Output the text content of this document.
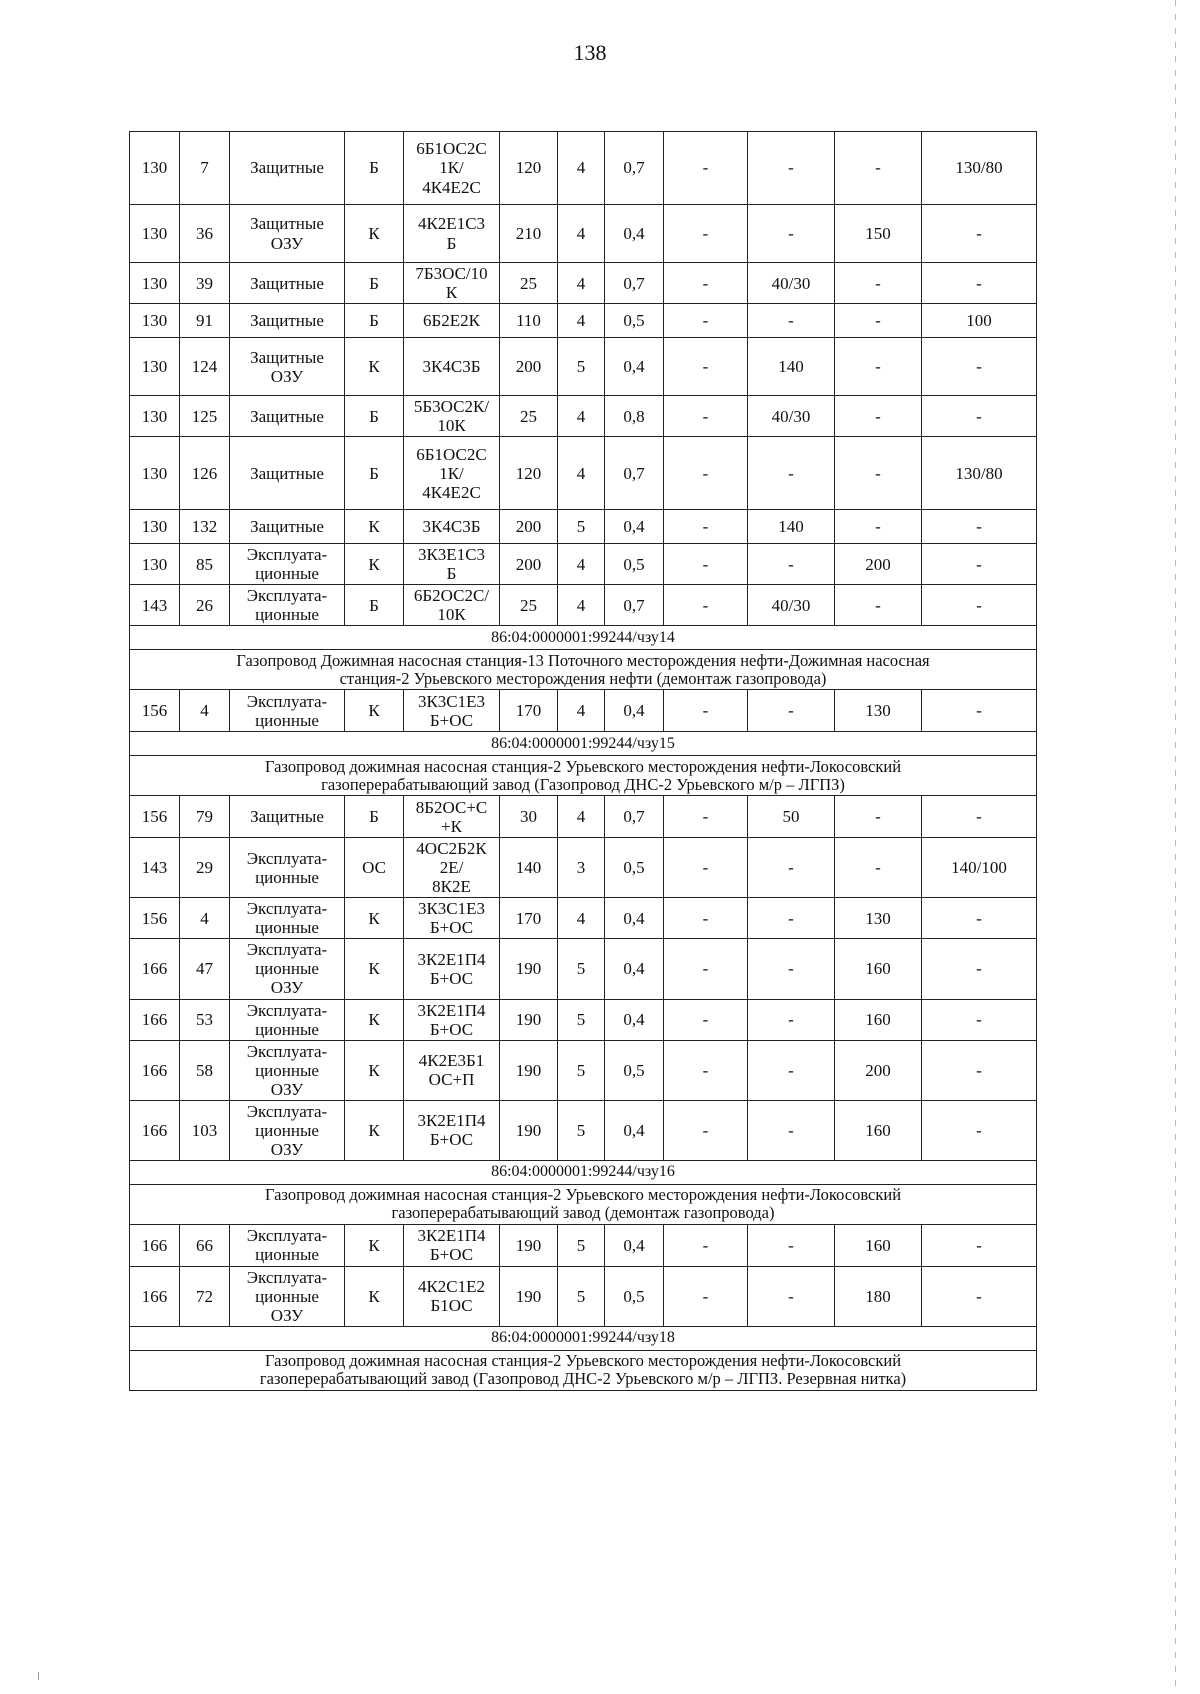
138
130	7	Защитные	Б	6Б1ОС2С
1К/
4К4Е2С	120	4	0,7	-	-	-	130/80
130	36	Защитные
ОЗУ	К	4К2Е1С3
Б	210	4	0,4	-	-	150	-
130	39	Защитные	Б	7Б3ОС/10
К	25	4	0,7	-	40/30	-	-
130	91	Защитные	Б	6Б2Е2К	110	4	0,5	-	-	-	100
130	124	Защитные
ОЗУ	К	3К4С3Б	200	5	0,4	-	140	-	-
130	125	Защитные	Б	5Б3ОС2К/
10К	25	4	0,8	-	40/30	-	-
130	126	Защитные	Б	6Б1ОС2С
1К/
4К4Е2С	120	4	0,7	-	-	-	130/80
130	132	Защитные	К	3К4С3Б	200	5	0,4	-	140	-	-
130	85	Эксплуата-
ционные	К	3К3Е1С3
Б	200	4	0,5	-	-	200	-
143	26	Эксплуата-
ционные	Б	6Б2ОС2С/
10К	25	4	0,7	-	40/30	-	-
86:04:0000001:99244/чзу14											
Газопровод Дожимная насосная станция-13 Поточного месторождения нефти-Дожимная насосная
станция-2 Урьевского месторождения нефти (демонтаж газопровода)											
156	4	Эксплуата-
ционные	К	3К3С1Е3
Б+ОС	170	4	0,4	-	-	130	-
86:04:0000001:99244/чзу15											
Газопровод дожимная насосная станция-2 Урьевского месторождения нефти-Локосовский
газоперерабатывающий завод (Газопровод ДНС-2 Урьевского м/р – ЛГПЗ)											
156	79	Защитные	Б	8Б2ОС+С
+К	30	4	0,7	-	50	-	-
143	29	Эксплуата-
ционные	ОС	4ОС2Б2К
2Е/
8К2Е	140	3	0,5	-	-	-	140/100
156	4	Эксплуата-
ционные	К	3К3С1Е3
Б+ОС	170	4	0,4	-	-	130	-
166	47	Эксплуата-
ционные
ОЗУ	К	3К2Е1П4
Б+ОС	190	5	0,4	-	-	160	-
166	53	Эксплуата-
ционные	К	3К2Е1П4
Б+ОС	190	5	0,4	-	-	160	-
166	58	Эксплуата-
ционные
ОЗУ	К	4К2Е3Б1
ОС+П	190	5	0,5	-	-	200	-
166	103	Эксплуата-
ционные
ОЗУ	К	3К2Е1П4
Б+ОС	190	5	0,4	-	-	160	-
86:04:0000001:99244/чзу16											
Газопровод дожимная насосная станция-2 Урьевского месторождения нефти-Локосовский
газоперерабатывающий завод (демонтаж газопровода)											
166	66	Эксплуата-
ционные	К	3К2Е1П4
Б+ОС	190	5	0,4	-	-	160	-
166	72	Эксплуата-
ционные
ОЗУ	К	4К2С1Е2
Б1ОС	190	5	0,5	-	-	180	-
86:04:0000001:99244/чзу18											
Газопровод дожимная насосная станция-2 Урьевского месторождения нефти-Локосовский
газоперерабатывающий завод (Газопровод ДНС-2 Урьевского м/р – ЛГПЗ. Резервная нитка)											
